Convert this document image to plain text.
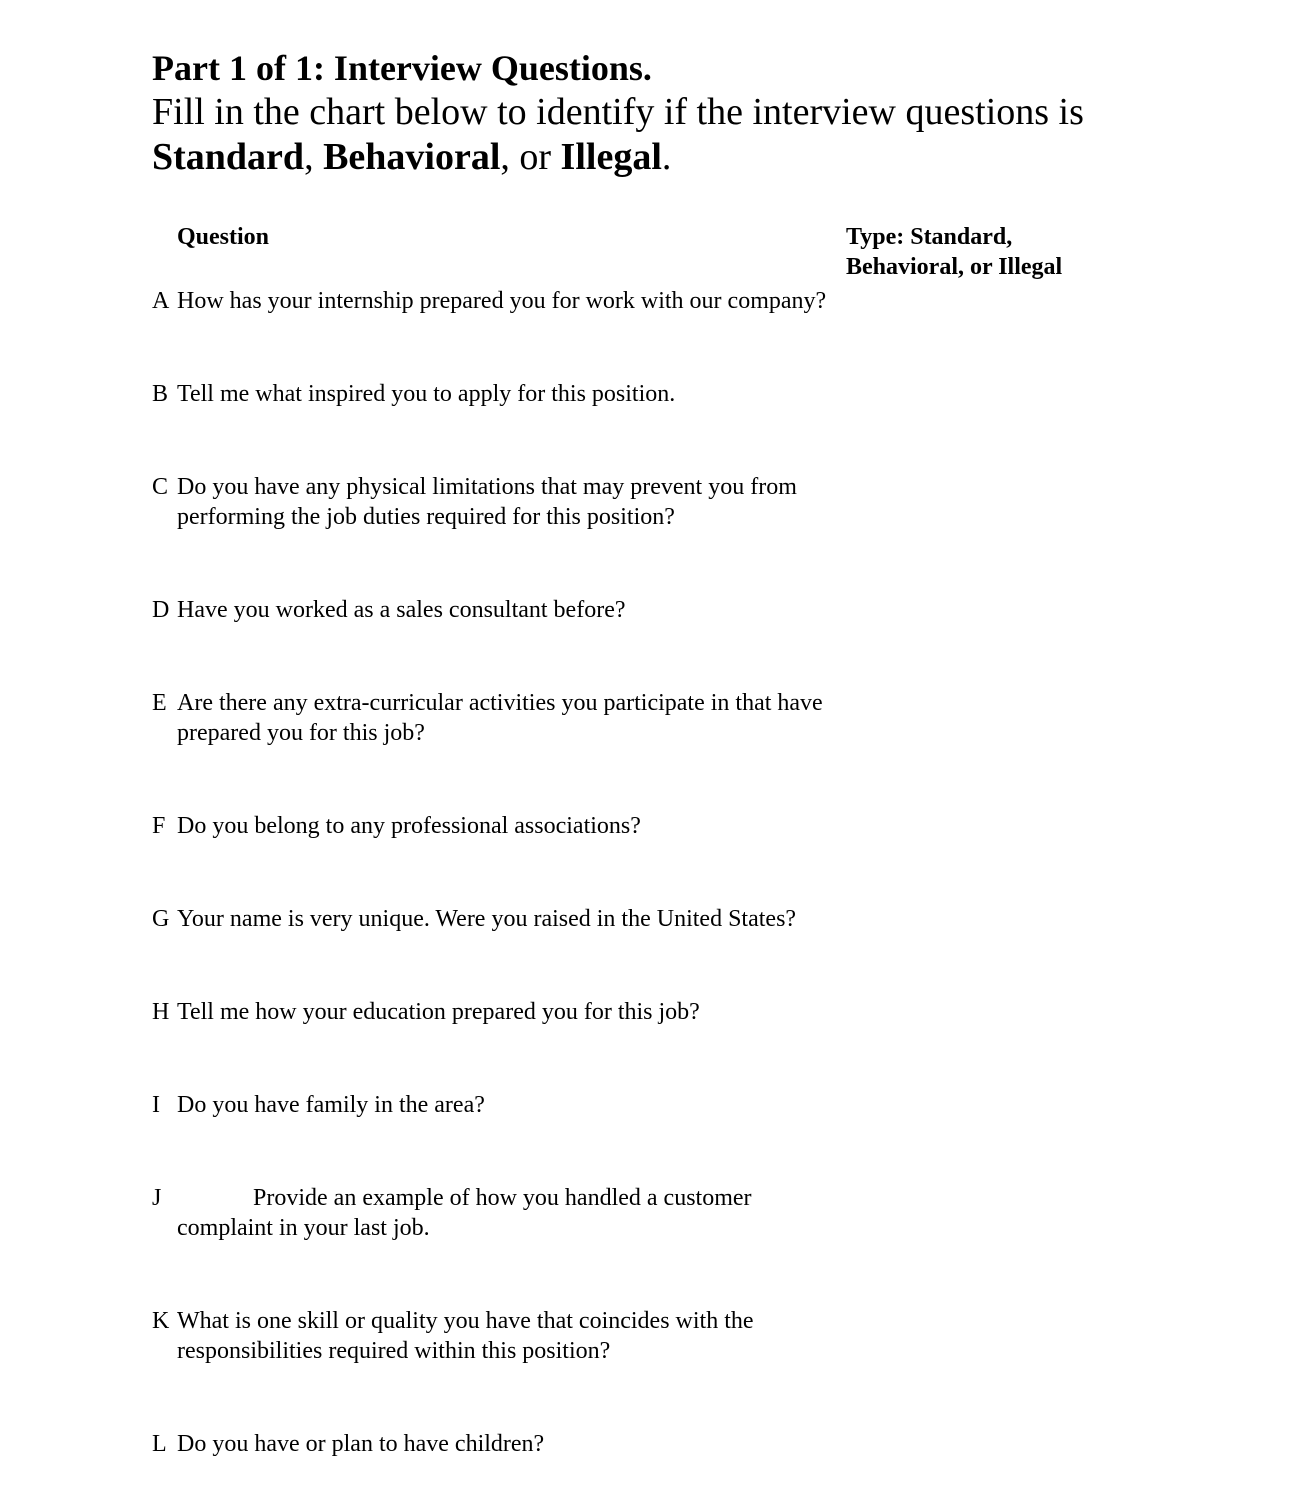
Part 1 of 1: Interview Questions.

Fill in the chart below to identify if the interview questions is Standard, Behavioral, or Illegal.

Question	Type: Standard, Behavioral, or Illegal
A How has your internship prepared you for work with our company?
B Tell me what inspired you to apply for this position.
C Do you have any physical limitations that may prevent you from performing the job duties required for this position?
D Have you worked as a sales consultant before?
E Are there any extra-curricular activities you participate in that have prepared you for this job?
F Do you belong to any professional associations?
G Your name is very unique. Were you raised in the United States?
H Tell me how your education prepared you for this job?
I Do you have family in the area?
J	Provide an example of how you handled a customer complaint in your last job.
K What is one skill or quality you have that coincides with the responsibilities required within this position?
L Do you have or plan to have children?
